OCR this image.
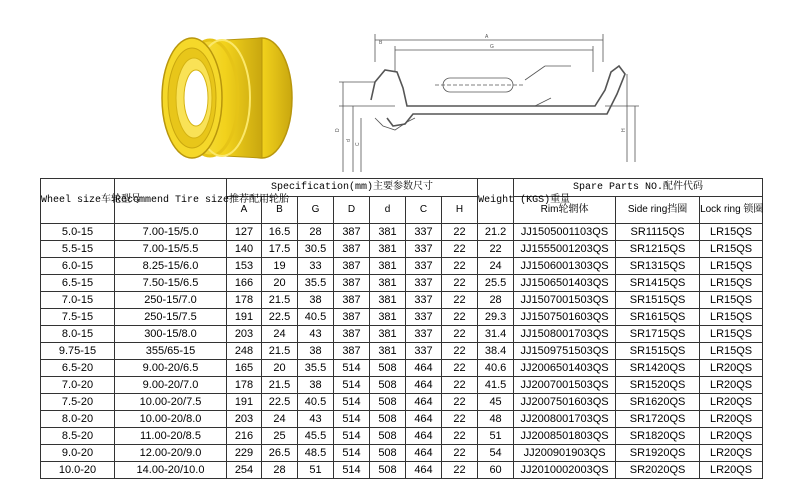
A
G
B
D
d
C
H
Wheel size车轮型号	Recommend Tire size推荐配用轮胎	Specification(mm)主要参数尺寸							Weight (KGS)重量	Spare Parts NO.配件代码		
		A	B	G	D	d	C	H		Rim轮辋体	Side ring挡圈	Lock ring 锁圈
5.0-15	7.00-15/5.0	127	16.5	28	387	381	337	22	21.2	JJ1505001103QS	SR1115QS	LR15QS
5.5-15	7.00-15/5.5	140	17.5	30.5	387	381	337	22	22	JJ1555001203QS	SR1215QS	LR15QS
6.0-15	8.25-15/6.0	153	19	33	387	381	337	22	24	JJ1506001303QS	SR1315QS	LR15QS
6.5-15	7.50-15/6.5	166	20	35.5	387	381	337	22	25.5	JJ1506501403QS	SR1415QS	LR15QS
7.0-15	250-15/7.0	178	21.5	38	387	381	337	22	28	JJ1507001503QS	SR1515QS	LR15QS
7.5-15	250-15/7.5	191	22.5	40.5	387	381	337	22	29.3	JJ1507501603QS	SR1615QS	LR15QS
8.0-15	300-15/8.0	203	24	43	387	381	337	22	31.4	JJ1508001703QS	SR1715QS	LR15QS
9.75-15	355/65-15	248	21.5	38	387	381	337	22	38.4	JJ1509751503QS	SR1515QS	LR15QS
6.5-20	9.00-20/6.5	165	20	35.5	514	508	464	22	40.6	JJ2006501403QS	SR1420QS	LR20QS
7.0-20	9.00-20/7.0	178	21.5	38	514	508	464	22	41.5	JJ2007001503QS	SR1520QS	LR20QS
7.5-20	10.00-20/7.5	191	22.5	40.5	514	508	464	22	45	JJ2007501603QS	SR1620QS	LR20QS
8.0-20	10.00-20/8.0	203	24	43	514	508	464	22	48	JJ2008001703QS	SR1720QS	LR20QS
8.5-20	11.00-20/8.5	216	25	45.5	514	508	464	22	51	JJ2008501803QS	SR1820QS	LR20QS
9.0-20	12.00-20/9.0	229	26.5	48.5	514	508	464	22	54	JJ200901903QS	SR1920QS	LR20QS
10.0-20	14.00-20/10.0	254	28	51	514	508	464	22	60	JJ2010002003QS	SR2020QS	LR20QS
